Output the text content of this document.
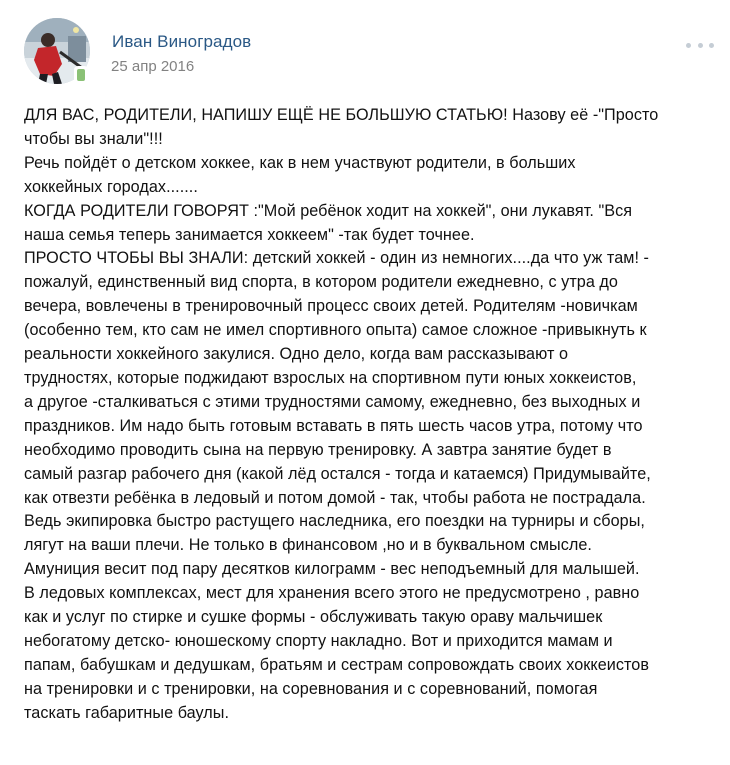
Иван Виноградов
25 апр 2016
ДЛЯ ВАС, РОДИТЕЛИ, НАПИШУ ЕЩЁ НЕ БОЛЬШУЮ СТАТЬЮ! Назову её -"Просто
чтобы вы знали"!!!
Речь пойдёт о детском хоккее, как в нем участвуют родители, в больших
хоккейных городах.......
КОГДА РОДИТЕЛИ ГОВОРЯТ :"Мой ребёнок ходит на хоккей", они лукавят. "Вся
наша семья теперь занимается хоккеем" -так будет точнее.
ПРОСТО ЧТОБЫ ВЫ ЗНАЛИ: детский хоккей - один из немногих....да что уж там! -
пожалуй, единственный вид спорта, в котором родители ежедневно, с утра до
вечера, вовлечены в тренировочный процесс своих детей. Родителям -новичкам
(особенно тем, кто сам не имел спортивного опыта) самое сложное -привыкнуть к
реальности хоккейного закулися. Одно дело, когда вам рассказывают о
трудностях, которые поджидают взрослых на спортивном пути юных хоккеистов,
а другое -сталкиваться с этими трудностями самому, ежедневно, без выходных и
праздников. Им надо быть готовым вставать в пять шесть часов утра, потому что
необходимо проводить сына на первую тренировку. А завтра занятие будет в
самый разгар рабочего дня (какой лёд остался - тогда и катаемся) Придумывайте,
как отвезти ребёнка в ледовый и потом домой - так, чтобы работа не пострадала.
Ведь экипировка быстро растущего наследника, его поездки на турниры и сборы,
лягут на ваши плечи. Не только в финансовом ,но и в буквальном смысле.
Амуниция весит под пару десятков килограмм - вес неподъемный для малышей.
В ледовых комплексах, мест для хранения всего этого не предусмотрено , равно
как и услуг по стирке и сушке формы - обслуживать такую ораву мальчишек
небогатому детско- юношескому спорту накладно. Вот и приходится мамам и
папам, бабушкам и дедушкам, братьям и сестрам сопровождать своих хоккеистов
на тренировки и с тренировки, на соревнования и с соревнований, помогая
таскать габаритные баулы.
